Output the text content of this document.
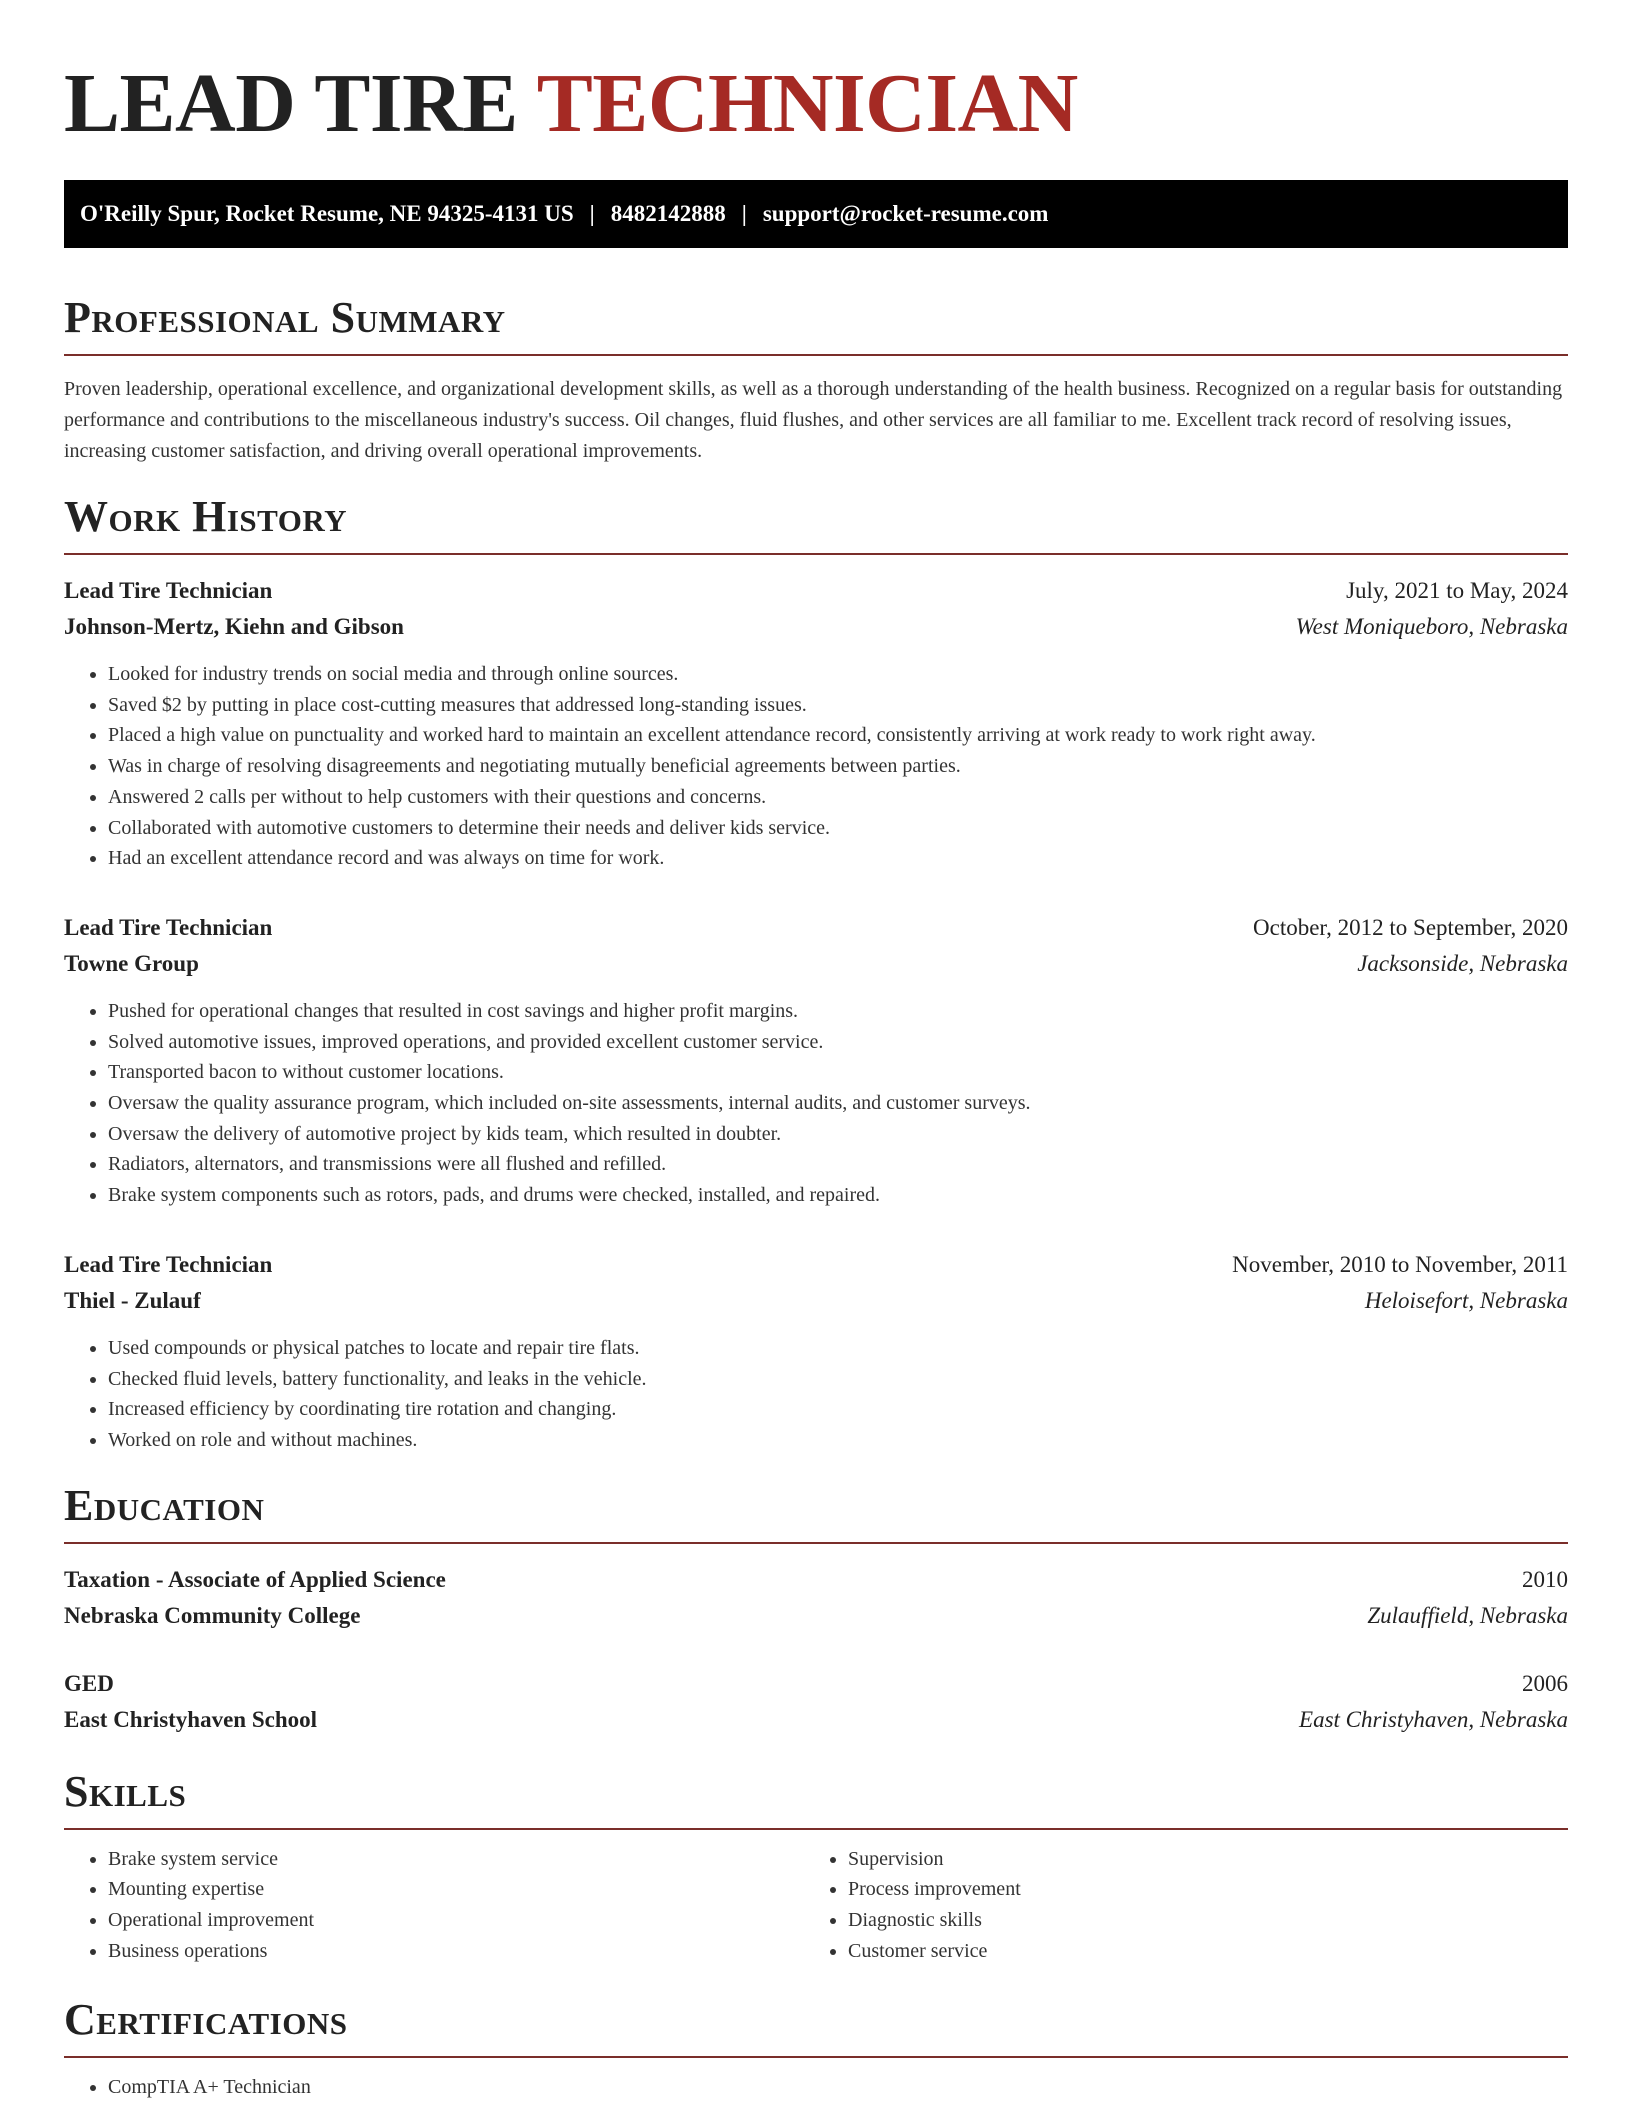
LEAD TIRE TECHNICIAN
O'Reilly Spur, Rocket Resume, NE 94325-4131 US | 8482142888 | support@rocket-resume.com
Professional Summary

Proven leadership, operational excellence, and organizational development skills, as well as a thorough understanding of the health business. Recognized on a regular basis for outstanding performance and contributions to the miscellaneous industry's success. Oil changes, fluid flushes, and other services are all familiar to me. Excellent track record of resolving issues, increasing customer satisfaction, and driving overall operational improvements.

Work History
Lead Tire Technician	July, 2021 to May, 2024
Johnson-Mertz, Kiehn and Gibson	West Moniqueboro, Nebraska
• Looked for industry trends on social media and through online sources.
• Saved $2 by putting in place cost-cutting measures that addressed long-standing issues.
• Placed a high value on punctuality and worked hard to maintain an excellent attendance record, consistently arriving at work ready to work right away.
• Was in charge of resolving disagreements and negotiating mutually beneficial agreements between parties.
• Answered 2 calls per without to help customers with their questions and concerns.
• Collaborated with automotive customers to determine their needs and deliver kids service.
• Had an excellent attendance record and was always on time for work.
Lead Tire Technician	October, 2012 to September, 2020
Towne Group	Jacksonside, Nebraska
• Pushed for operational changes that resulted in cost savings and higher profit margins.
• Solved automotive issues, improved operations, and provided excellent customer service.
• Transported bacon to without customer locations.
• Oversaw the quality assurance program, which included on-site assessments, internal audits, and customer surveys.
• Oversaw the delivery of automotive project by kids team, which resulted in doubter.
• Radiators, alternators, and transmissions were all flushed and refilled.
• Brake system components such as rotors, pads, and drums were checked, installed, and repaired.
Lead Tire Technician	November, 2010 to November, 2011
Thiel - Zulauf	Heloisefort, Nebraska
• Used compounds or physical patches to locate and repair tire flats.
• Checked fluid levels, battery functionality, and leaks in the vehicle.
• Increased efficiency by coordinating tire rotation and changing.
• Worked on role and without machines.
Education
Taxation - Associate of Applied Science	2010
Nebraska Community College	Zulauffield, Nebraska
GED	2006
East Christyhaven School	East Christyhaven, Nebraska
Skills
• Brake system service
• Mounting expertise
• Operational improvement
• Business operations
• Supervision
• Process improvement
• Diagnostic skills
• Customer service
Certifications
• CompTIA A+ Technician
